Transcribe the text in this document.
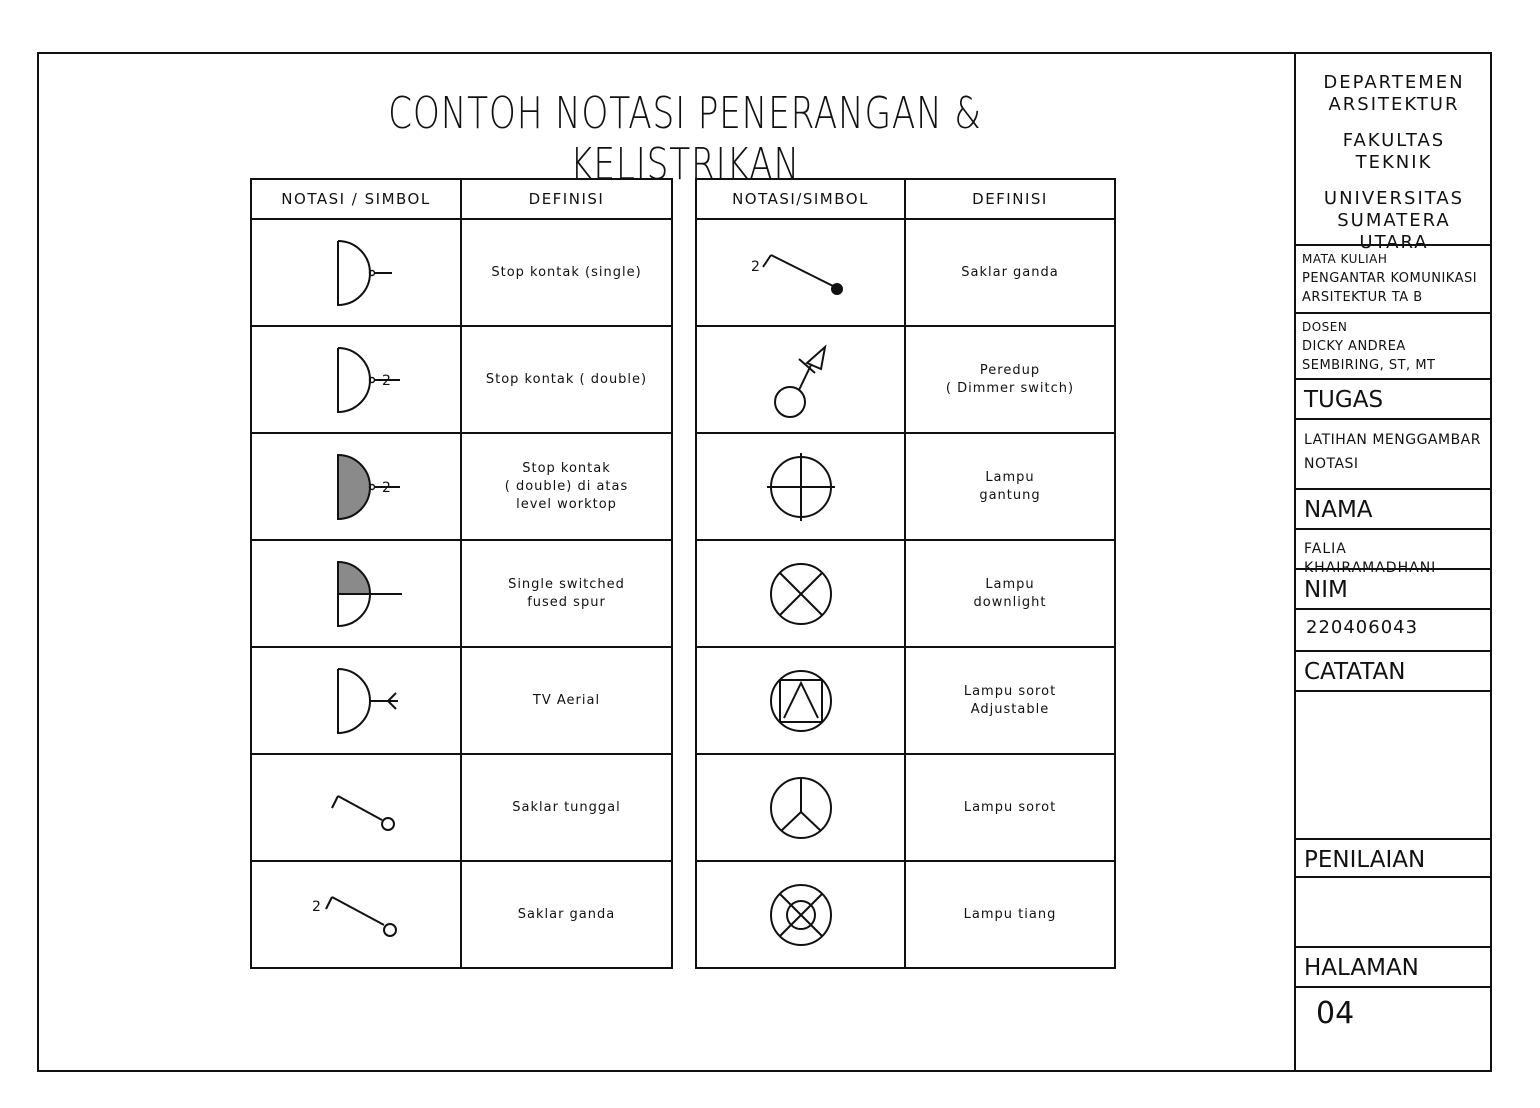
CONTOH NOTASI PENERANGAN & KELISTRIKAN
NOTASI / SIMBOL	DEFINISI

	Stop kontak (single)

2	Stop kontak ( double)

2	Stop kontak
( double) di atas
level worktop

	Single switched
fused spur

	TV Aerial

	Saklar tunggal

2	Saklar ganda
NOTASI/SIMBOL	DEFINISI

2	Saklar ganda

	Peredup
( Dimmer switch)

	Lampu
gantung

	Lampu
downlight

	Lampu sorot
Adjustable

	Lampu sorot

	Lampu tiang
DEPARTEMEN
ARSITEKTUR
FAKULTAS
TEKNIK
UNIVERSITAS
SUMATERA
UTARA
MATA KULIAH
PENGANTAR KOMUNIKASI ARSITEKTUR TA B
DOSEN
DICKY ANDREA SEMBIRING, ST, MT
TUGAS
LATIHAN MENGGAMBAR NOTASI
NAMA
FALIA KHAIRAMADHANI
NIM
220406043
CATATAN
PENILAIAN
HALAMAN
04
